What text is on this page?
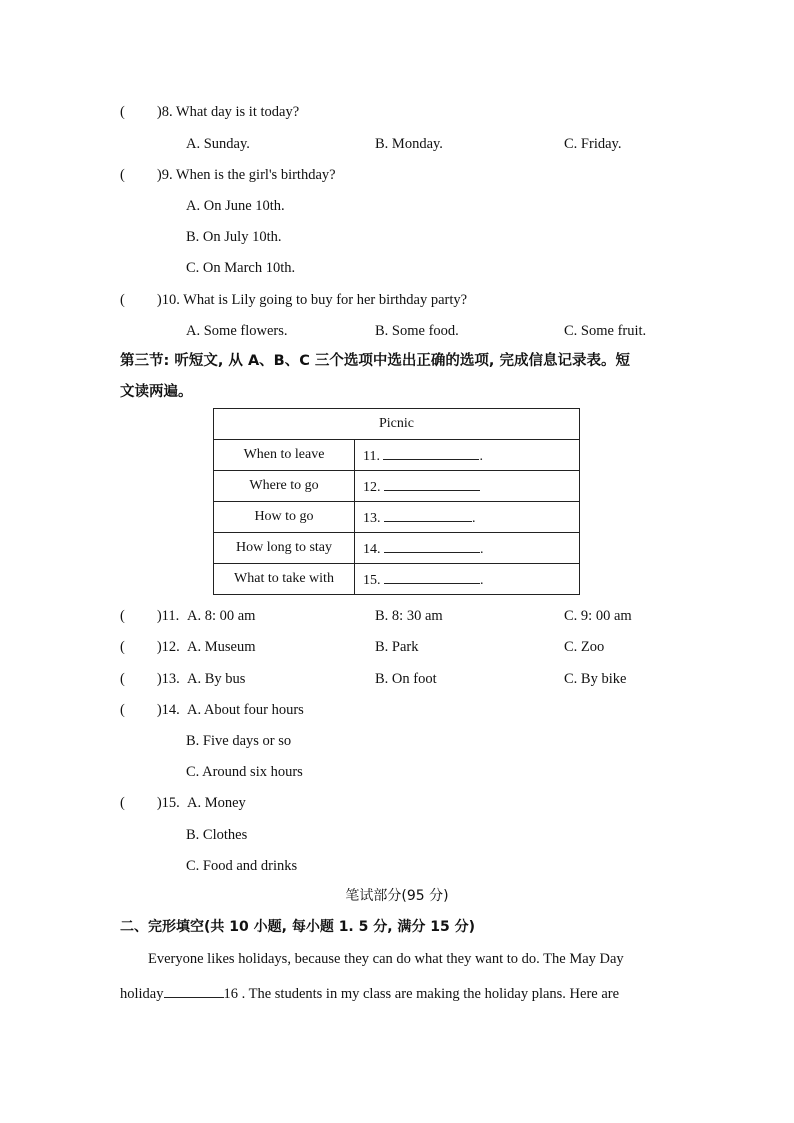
( )8. What day is it today?
A. Sunday.	B. Monday.	C. Friday.
( )9. When is the girl's birthday?
A. On June 10th.
B. On July 10th.
C. On March 10th.
( )10. What is Lily going to buy for her birthday party?
A. Some flowers.	B. Some food.	C. Some fruit.
第三节: 听短文, 从 A、B、C 三个选项中选出正确的选项, 完成信息记录表。短
文读两遍。
Picnic	
When to leave	11. .
Where to go	12.
How to go	13. .
How long to stay	14. .
What to take with	15. .
( )11. A. 8: 00 am	B. 8: 30 am	C. 9: 00 am
( )12. A. Museum	B. Park	C. Zoo
( )13. A. By bus	B. On foot	C. By bike
( )14. A. About four hours
B. Five days or so
C. Around six hours
( )15. A. Money
B. Clothes
C. Food and drinks
笔试部分(95 分)
二、完形填空(共 10 小题, 每小题 1. 5 分, 满分 15 分)
Everyone likes holidays, because they can do what they want to do. The May Day
holiday	16 . The students in my class are making the holiday plans. Here are
